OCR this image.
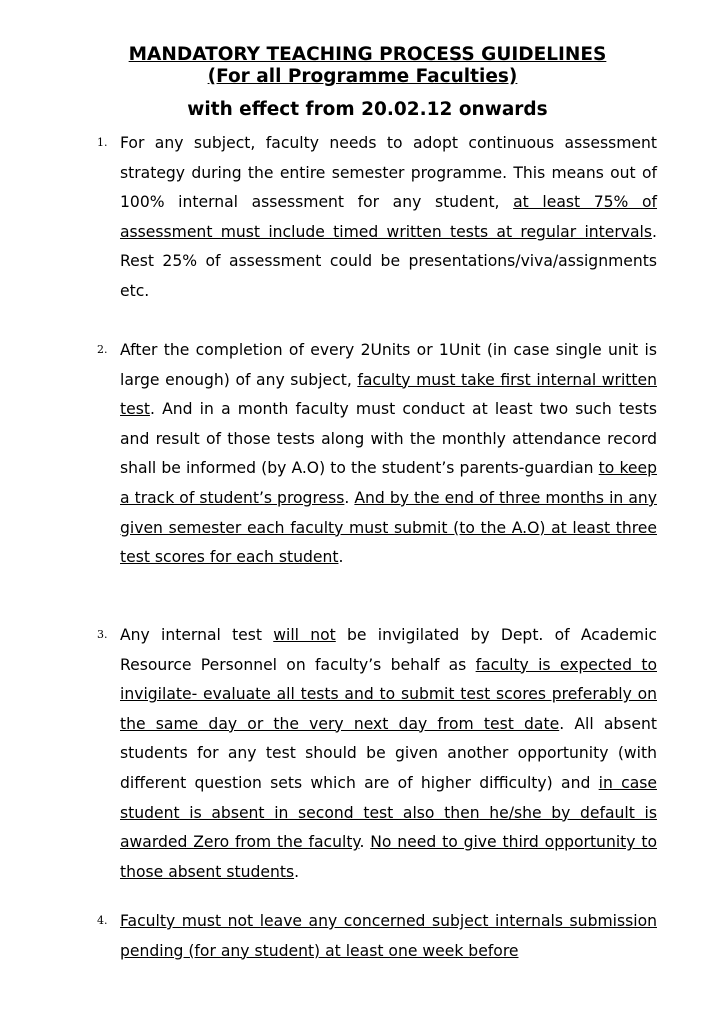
MANDATORY TEACHING PROCESS GUIDELINES
(For all Programme Faculties)
with effect from 20.02.12 onwards
1. For any subject, faculty needs to adopt continuous assessment strategy during the entire semester programme. This means out of 100% internal assessment for any student, at least 75% of assessment must include timed written tests at regular intervals. Rest 25% of assessment could be presentations/viva/assignments etc.
2. After the completion of every 2Units or 1Unit (in case single unit is large enough) of any subject, faculty must take first internal written test. And in a month faculty must conduct at least two such tests and result of those tests along with the monthly attendance record shall be informed (by A.O) to the student’s parents-guardian to keep a track of student’s progress. And by the end of three months in any given semester each faculty must submit (to the A.O) at least three test scores for each student.
3. Any internal test will not be invigilated by Dept. of Academic Resource Personnel on faculty’s behalf as faculty is expected to invigilate- evaluate all tests and to submit test scores preferably on the same day or the very next day from test date. All absent students for any test should be given another opportunity (with different question sets which are of higher difficulty) and in case student is absent in second test also then he/she by default is awarded Zero from the faculty. No need to give third opportunity to those absent students.
4. Faculty must not leave any concerned subject internals submission pending (for any student) at least one week before
